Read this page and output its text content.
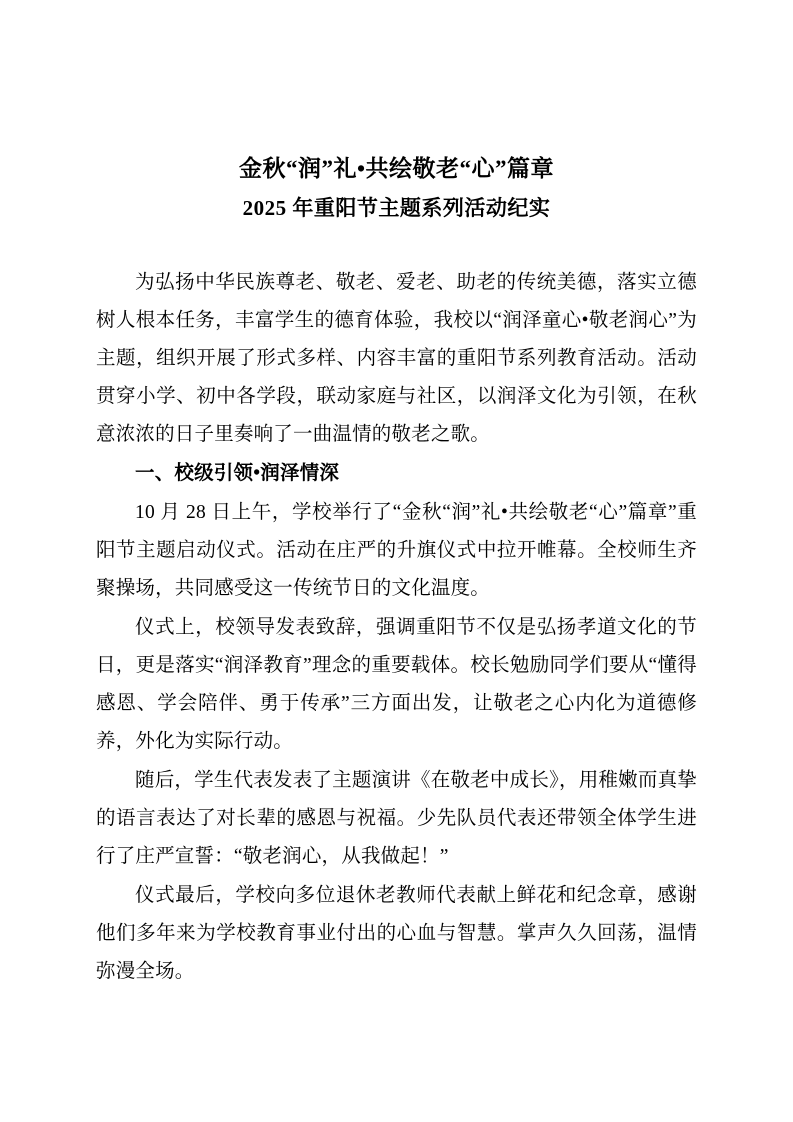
金秋“润”礼•共绘敬老“心”篇章
2025 年重阳节主题系列活动纪实

为弘扬中华民族尊老、敬老、爱老、助老的传统美德，落实立德树人根本任务，丰富学生的德育体验，我校以“润泽童心•敬老润心”为主题，组织开展了形式多样、内容丰富的重阳节系列教育活动。活动贯穿小学、初中各学段，联动家庭与社区，以润泽文化为引领，在秋意浓浓的日子里奏响了一曲温情的敬老之歌。

一、校级引领•润泽情深

10 月 28 日上午，学校举行了“金秋“润”礼•共绘敬老“心”篇章”重阳节主题启动仪式。活动在庄严的升旗仪式中拉开帷幕。全校师生齐聚操场，共同感受这一传统节日的文化温度。

仪式上，校领导发表致辞，强调重阳节不仅是弘扬孝道文化的节日，更是落实“润泽教育”理念的重要载体。校长勉励同学们要从“懂得感恩、学会陪伴、勇于传承”三方面出发，让敬老之心内化为道德修养，外化为实际行动。

随后，学生代表发表了主题演讲《在敬老中成长》，用稚嫩而真挚的语言表达了对长辈的感恩与祝福。少先队员代表还带领全体学生进行了庄严宣誓：“敬老润心，从我做起！”

仪式最后，学校向多位退休老教师代表献上鲜花和纪念章，感谢他们多年来为学校教育事业付出的心血与智慧。掌声久久回荡，温情弥漫全场。
